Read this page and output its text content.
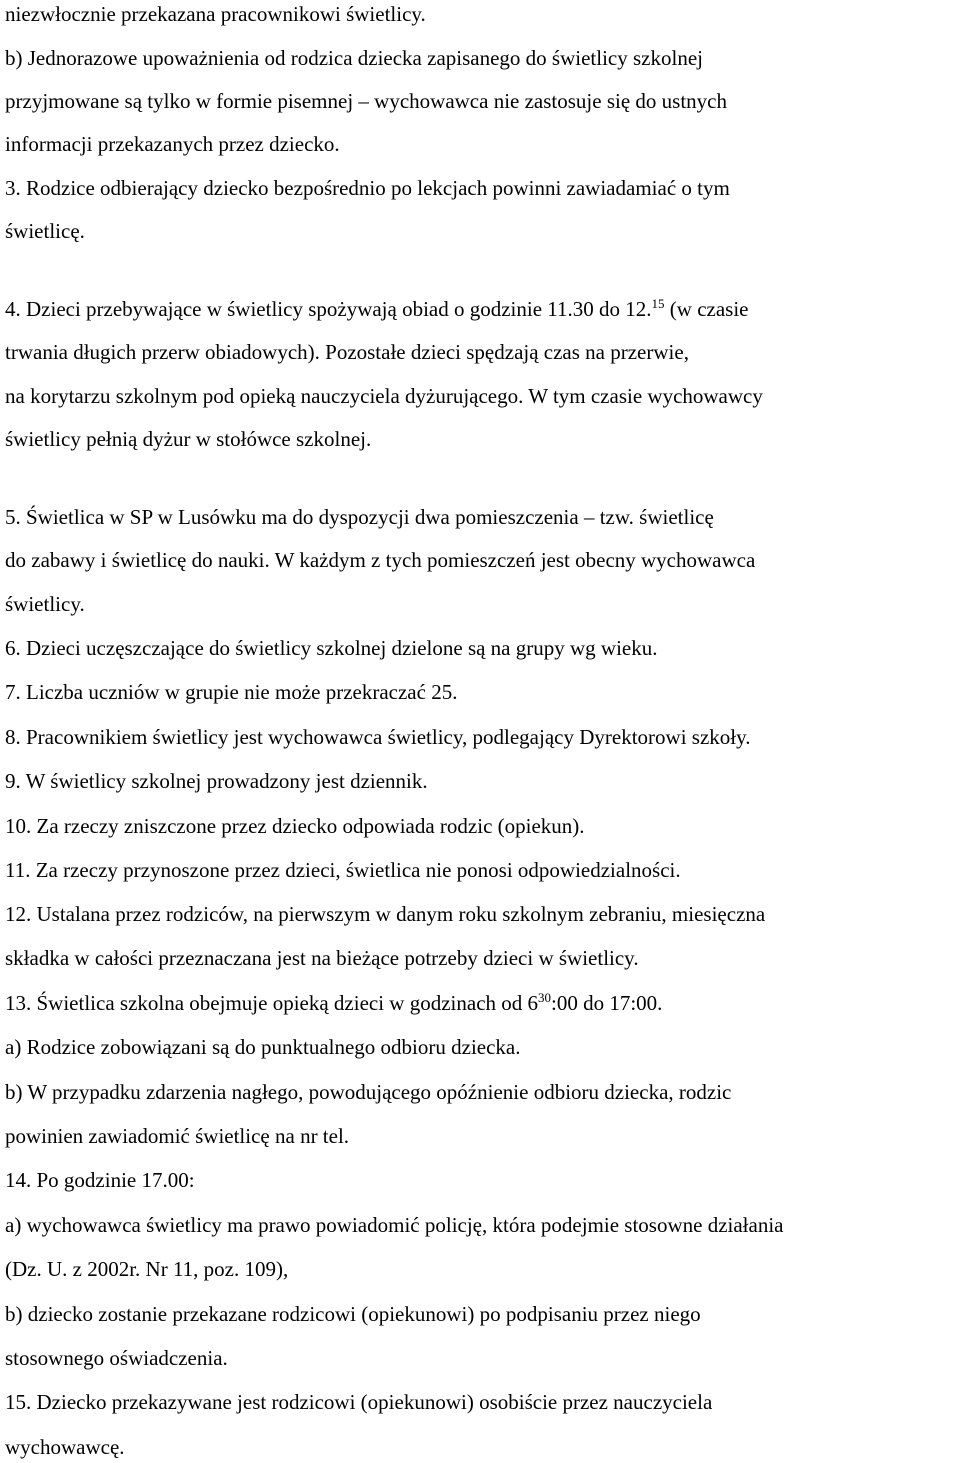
niezwłocznie przekazana pracownikowi świetlicy.
b) Jednorazowe upoważnienia od rodzica dziecka zapisanego do świetlicy szkolnej
przyjmowane są tylko w formie pisemnej – wychowawca nie zastosuje się do ustnych
informacji przekazanych przez dziecko.
3. Rodzice odbierający dziecko bezpośrednio po lekcjach powinni zawiadamiać o tym
świetlicę.
4. Dzieci przebywające w świetlicy spożywają obiad o godzinie 11.30 do 12.15 (w czasie
trwania długich przerw obiadowych). Pozostałe dzieci spędzają czas na przerwie,
na korytarzu szkolnym pod opieką nauczyciela dyżurującego. W tym czasie wychowawcy
świetlicy pełnią dyżur w stołówce szkolnej.
5. Świetlica w SP w Lusówku ma do dyspozycji dwa pomieszczenia – tzw. świetlicę
do zabawy i świetlicę do nauki. W każdym z tych pomieszczeń jest obecny wychowawca
świetlicy.
6. Dzieci uczęszczające do świetlicy szkolnej dzielone są na grupy wg wieku.
7. Liczba uczniów w grupie nie może przekraczać 25.
8. Pracownikiem świetlicy jest wychowawca świetlicy, podlegający Dyrektorowi szkoły.
9. W świetlicy szkolnej prowadzony jest dziennik.
10. Za rzeczy zniszczone przez dziecko odpowiada rodzic (opiekun).
11. Za rzeczy przynoszone przez dzieci, świetlica nie ponosi odpowiedzialności.
12. Ustalana przez rodziców, na pierwszym w danym roku szkolnym zebraniu, miesięczna
składka w całości przeznaczana jest na bieżące potrzeby dzieci w świetlicy.
13. Świetlica szkolna obejmuje opieką dzieci w godzinach od $6^{30}:00$ do 17:00.
a) Rodzice zobowiązani są do punktualnego odbioru dziecka.
b) W przypadku zdarzenia nagłego, powodującego opóźnienie odbioru dziecka, rodzic
powinien zawiadomić świetlicę na nr tel.
14. Po godzinie 17.00:
a) wychowawca świetlicy ma prawo powiadomić policję, która podejmie stosowne działania
(Dz. U. z 2002r. Nr 11, poz. 109),
b) dziecko zostanie przekazane rodzicowi (opiekunowi) po podpisaniu przez niego
stosownego oświadczenia.
15. Dziecko przekazywane jest rodzicowi (opiekunowi) osobiście przez nauczyciela
wychowawcę.
